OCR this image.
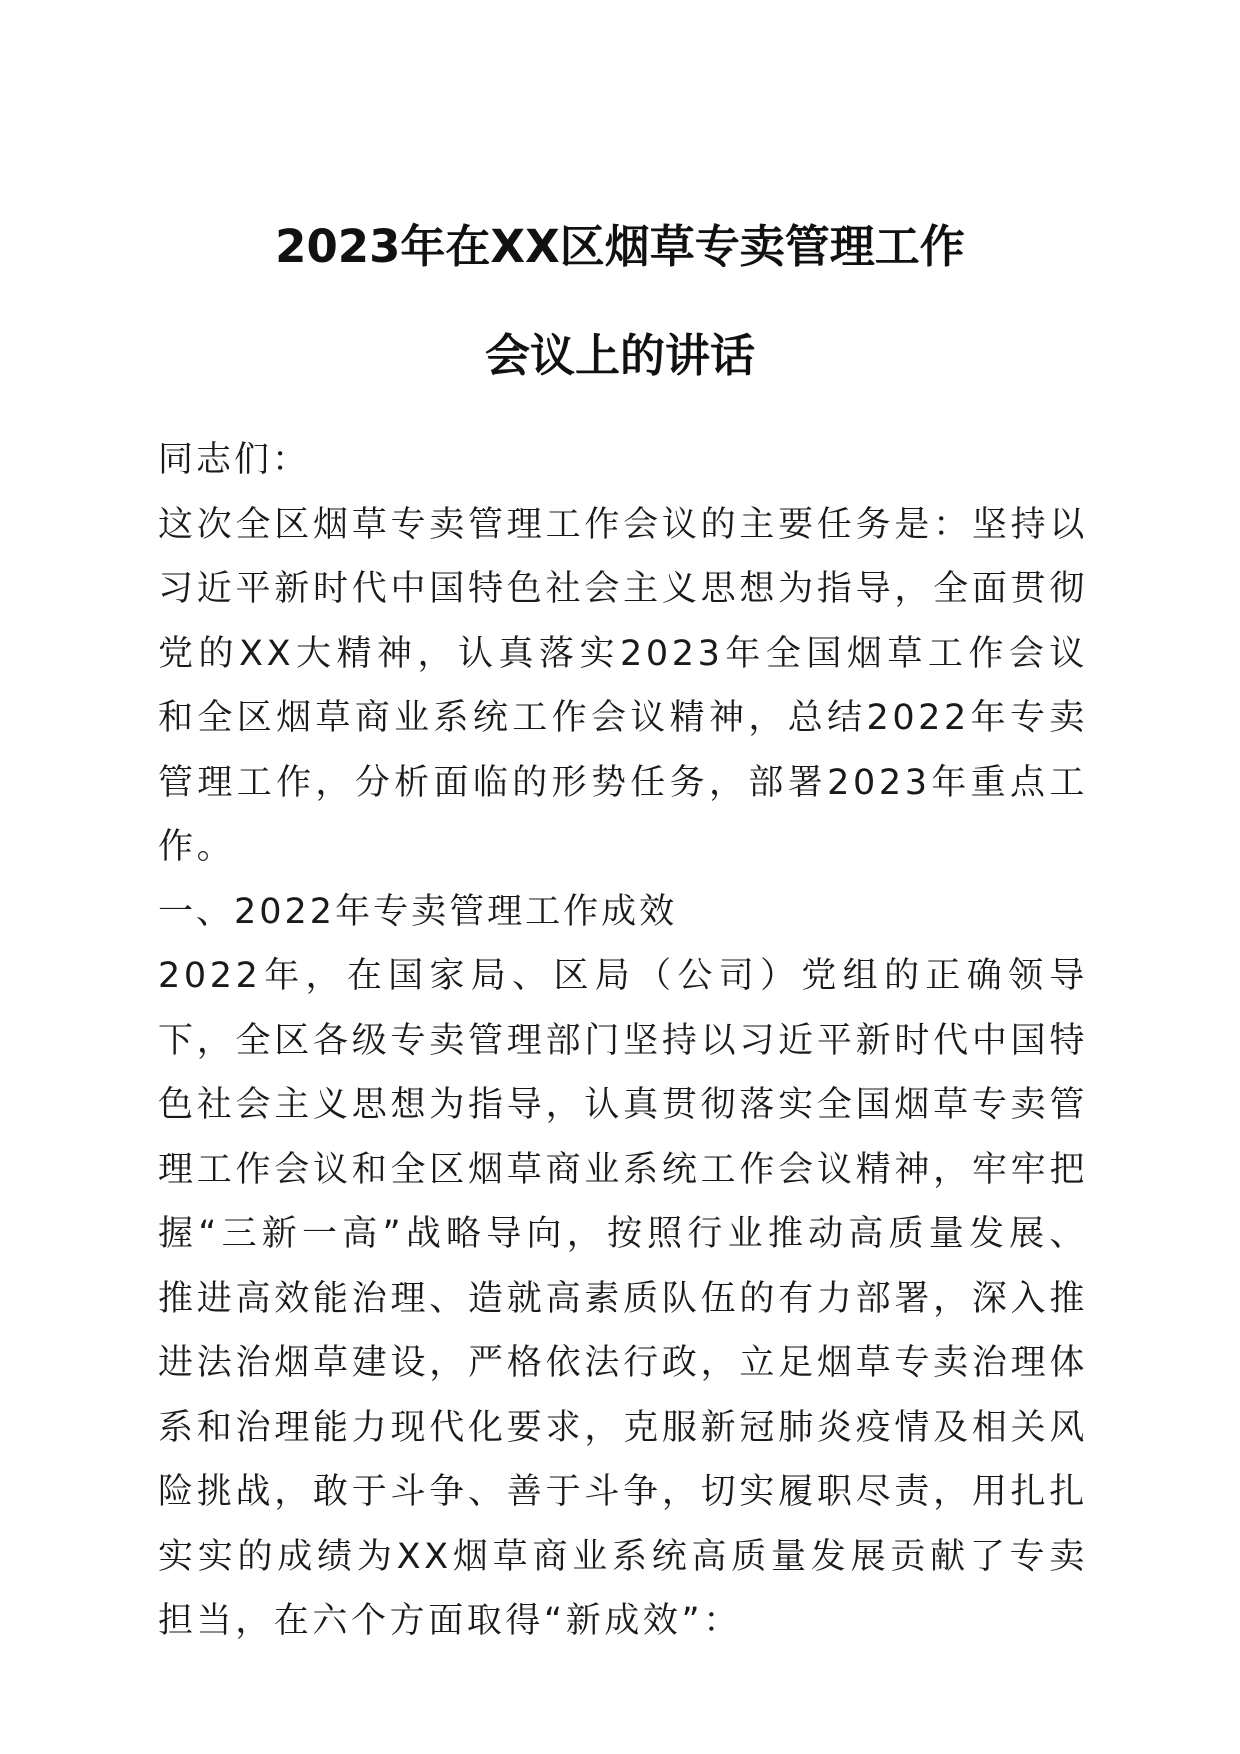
2023年在XX区烟草专卖管理工作
会议上的讲话

同志们：

这次全区烟草专卖管理工作会议的主要任务是：坚持以习近平新时代中国特色社会主义思想为指导，全面贯彻党的XX大精神，认真落实2023年全国烟草工作会议和全区烟草商业系统工作会议精神，总结2022年专卖管理工作，分析面临的形势任务，部署2023年重点工作。

一、2022年专卖管理工作成效

2022年，在国家局、区局（公司）党组的正确领导下，全区各级专卖管理部门坚持以习近平新时代中国特色社会主义思想为指导，认真贯彻落实全国烟草专卖管理工作会议和全区烟草商业系统工作会议精神，牢牢把握“三新一高”战略导向，按照行业推动高质量发展、推进高效能治理、造就高素质队伍的有力部署，深入推进法治烟草建设，严格依法行政，立足烟草专卖治理体系和治理能力现代化要求，克服新冠肺炎疫情及相关风险挑战，敢于斗争、善于斗争，切实履职尽责，用扎扎实实的成绩为XX烟草商业系统高质量发展贡献了专卖担当，在六个方面取得“新成效”：
